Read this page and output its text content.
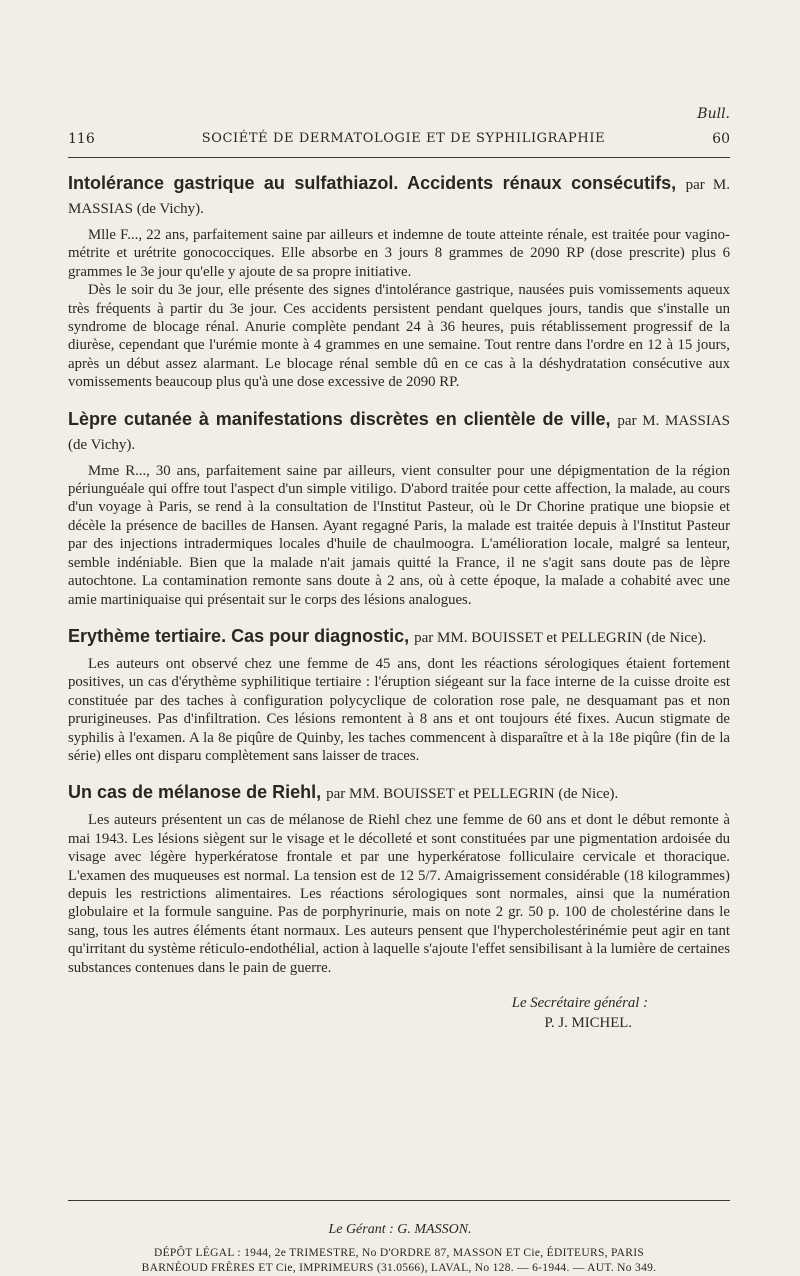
Bull.
116	SOCIÉTÉ DE DERMATOLOGIE ET DE SYPHILIGRAPHIE	60
Intolérance gastrique au sulfathiazol. Accidents rénaux consécutifs, par M. MASSIAS (de Vichy).

Mlle F..., 22 ans, parfaitement saine par ailleurs et indemne de toute atteinte rénale, est traitée pour vagino-métrite et urétrite gonococciques. Elle absorbe en 3 jours 8 grammes de 2090 RP (dose prescrite) plus 6 grammes le 3e jour qu'elle y ajoute de sa propre initiative.

Dès le soir du 3e jour, elle présente des signes d'intolérance gastrique, nausées puis vomissements aqueux très fréquents à partir du 3e jour. Ces accidents persistent pendant quelques jours, tandis que s'installe un syndrome de blocage rénal. Anurie complète pendant 24 à 36 heures, puis rétablissement progressif de la diurèse, cependant que l'urémie monte à 4 grammes en une semaine. Tout rentre dans l'ordre en 12 à 15 jours, après un début assez alarmant. Le blocage rénal semble dû en ce cas à la déshydratation consécutive aux vomissements beaucoup plus qu'à une dose excessive de 2090 RP.

Lèpre cutanée à manifestations discrètes en clientèle de ville, par M. MASSIAS (de Vichy).

Mme R..., 30 ans, parfaitement saine par ailleurs, vient consulter pour une dépigmentation de la région périunguéale qui offre tout l'aspect d'un simple vitiligo. D'abord traitée pour cette affection, la malade, au cours d'un voyage à Paris, se rend à la consultation de l'Institut Pasteur, où le Dr Chorine pratique une biopsie et décèle la présence de bacilles de Hansen. Ayant regagné Paris, la malade est traitée depuis à l'Institut Pasteur par des injections intradermiques locales d'huile de chaulmoogra. L'amélioration locale, malgré sa lenteur, semble indéniable. Bien que la malade n'ait jamais quitté la France, il ne s'agit sans doute pas de lèpre autochtone. La contamination remonte sans doute à 2 ans, où à cette époque, la malade a cohabité avec une amie martiniquaise qui présentait sur le corps des lésions analogues.

Erythème tertiaire. Cas pour diagnostic, par MM. BOUISSET et PELLEGRIN (de Nice).

Les auteurs ont observé chez une femme de 45 ans, dont les réactions sérologiques étaient fortement positives, un cas d'érythème syphilitique tertiaire : l'éruption siégeant sur la face interne de la cuisse droite est constituée par des taches à configuration polycyclique de coloration rose pale, ne desquamant pas et non prurigineuses. Pas d'infiltration. Ces lésions remontent à 8 ans et ont toujours été fixes. Aucun stigmate de syphilis à l'examen. A la 8e piqûre de Quinby, les taches commencent à disparaître et à la 18e piqûre (fin de la série) elles ont disparu complètement sans laisser de traces.

Un cas de mélanose de Riehl, par MM. BOUISSET et PELLEGRIN (de Nice).

Les auteurs présentent un cas de mélanose de Riehl chez une femme de 60 ans et dont le début remonte à mai 1943. Les lésions siègent sur le visage et le décolleté et sont constituées par une pigmentation ardoisée du visage avec légère hyperkératose frontale et par une hyperkératose folliculaire cervicale et thoracique. L'examen des muqueuses est normal. La tension est de 12 5/7. Amaigrissement considérable (18 kilogrammes) depuis les restrictions alimentaires. Les réactions sérologiques sont normales, ainsi que la numération globulaire et la formule sanguine. Pas de porphyrinurie, mais on note 2 gr. 50 p. 100 de cholestérine dans le sang, tous les autres éléments étant normaux. Les auteurs pensent que l'hypercholestérinémie peut agir en tant qu'irritant du système réticulo-endothélial, action à laquelle s'ajoute l'effet sensibilisant à la lumière de certaines substances contenues dans le pain de guerre.

Le Secrétaire général :
P. J. MICHEL.
Le Gérant : G. MASSON.
DÉPÔT LÉGAL : 1944, 2e TRIMESTRE, No D'ORDRE 87, MASSON ET Cie, ÉDITEURS, PARIS
BARNÉOUD FRÈRES ET Cie, IMPRIMEURS (31.0566), LAVAL, No 128. — 6-1944. — AUT. No 349.
